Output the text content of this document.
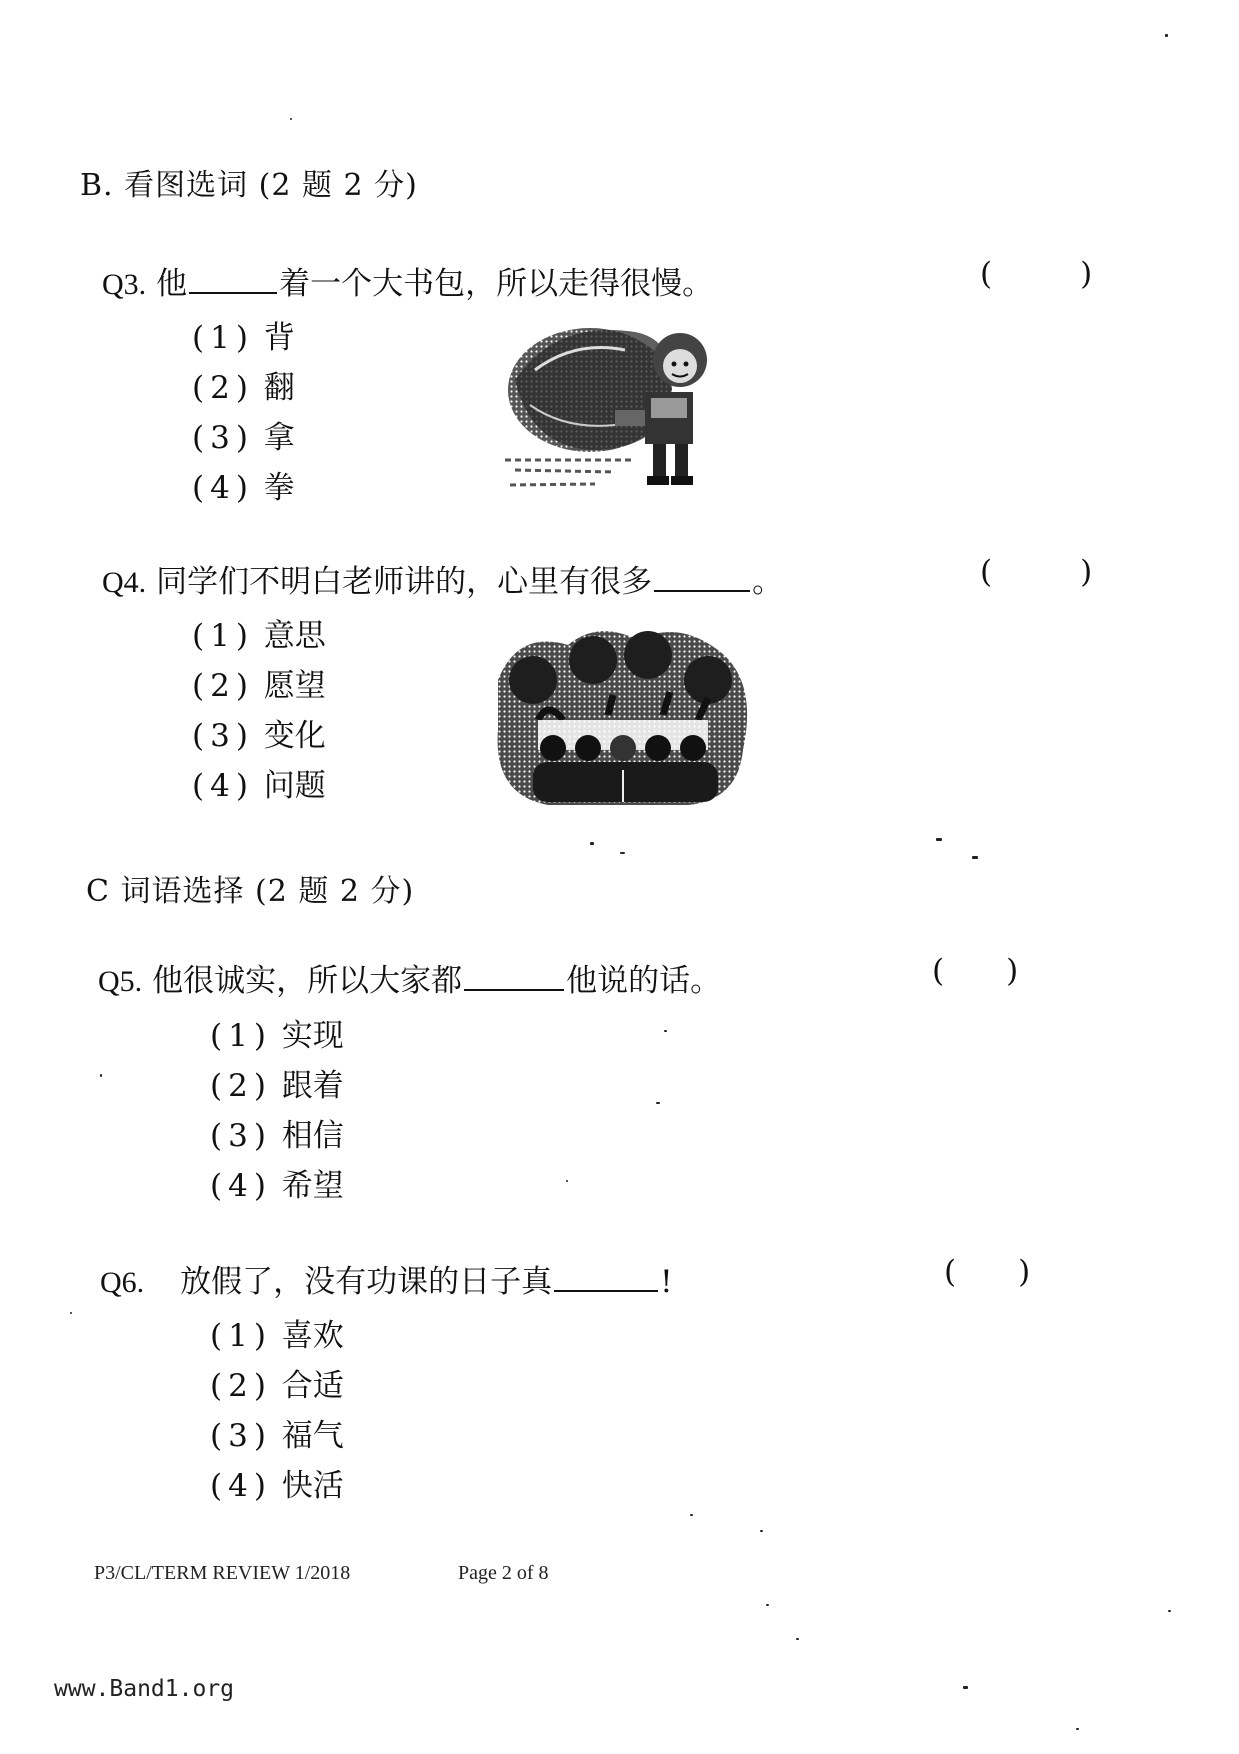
B. 看图选词 (2 题 2 分)
Q3. 他	着一个大书包，所以走得很慢。	(	)
(1) 背
(2) 翻
(3) 拿
(4) 拳
Q4. 同学们不明白老师讲的，心里有很多	。	(	)
(1) 意思
(2) 愿望
(3) 变化
(4) 问题
C 词语选择 (2 题 2 分)
Q5. 他很诚实，所以大家都	他说的话。	( )
(1) 实现
(2) 跟着
(3) 相信
(4) 希望
Q6. 放假了，没有功课的日子真	!	( )
(1) 喜欢
(2) 合适
(3) 福气
(4) 快活
P3/CL/TERM REVIEW 1/2018	Page 2 of 8
www.Band1.org
